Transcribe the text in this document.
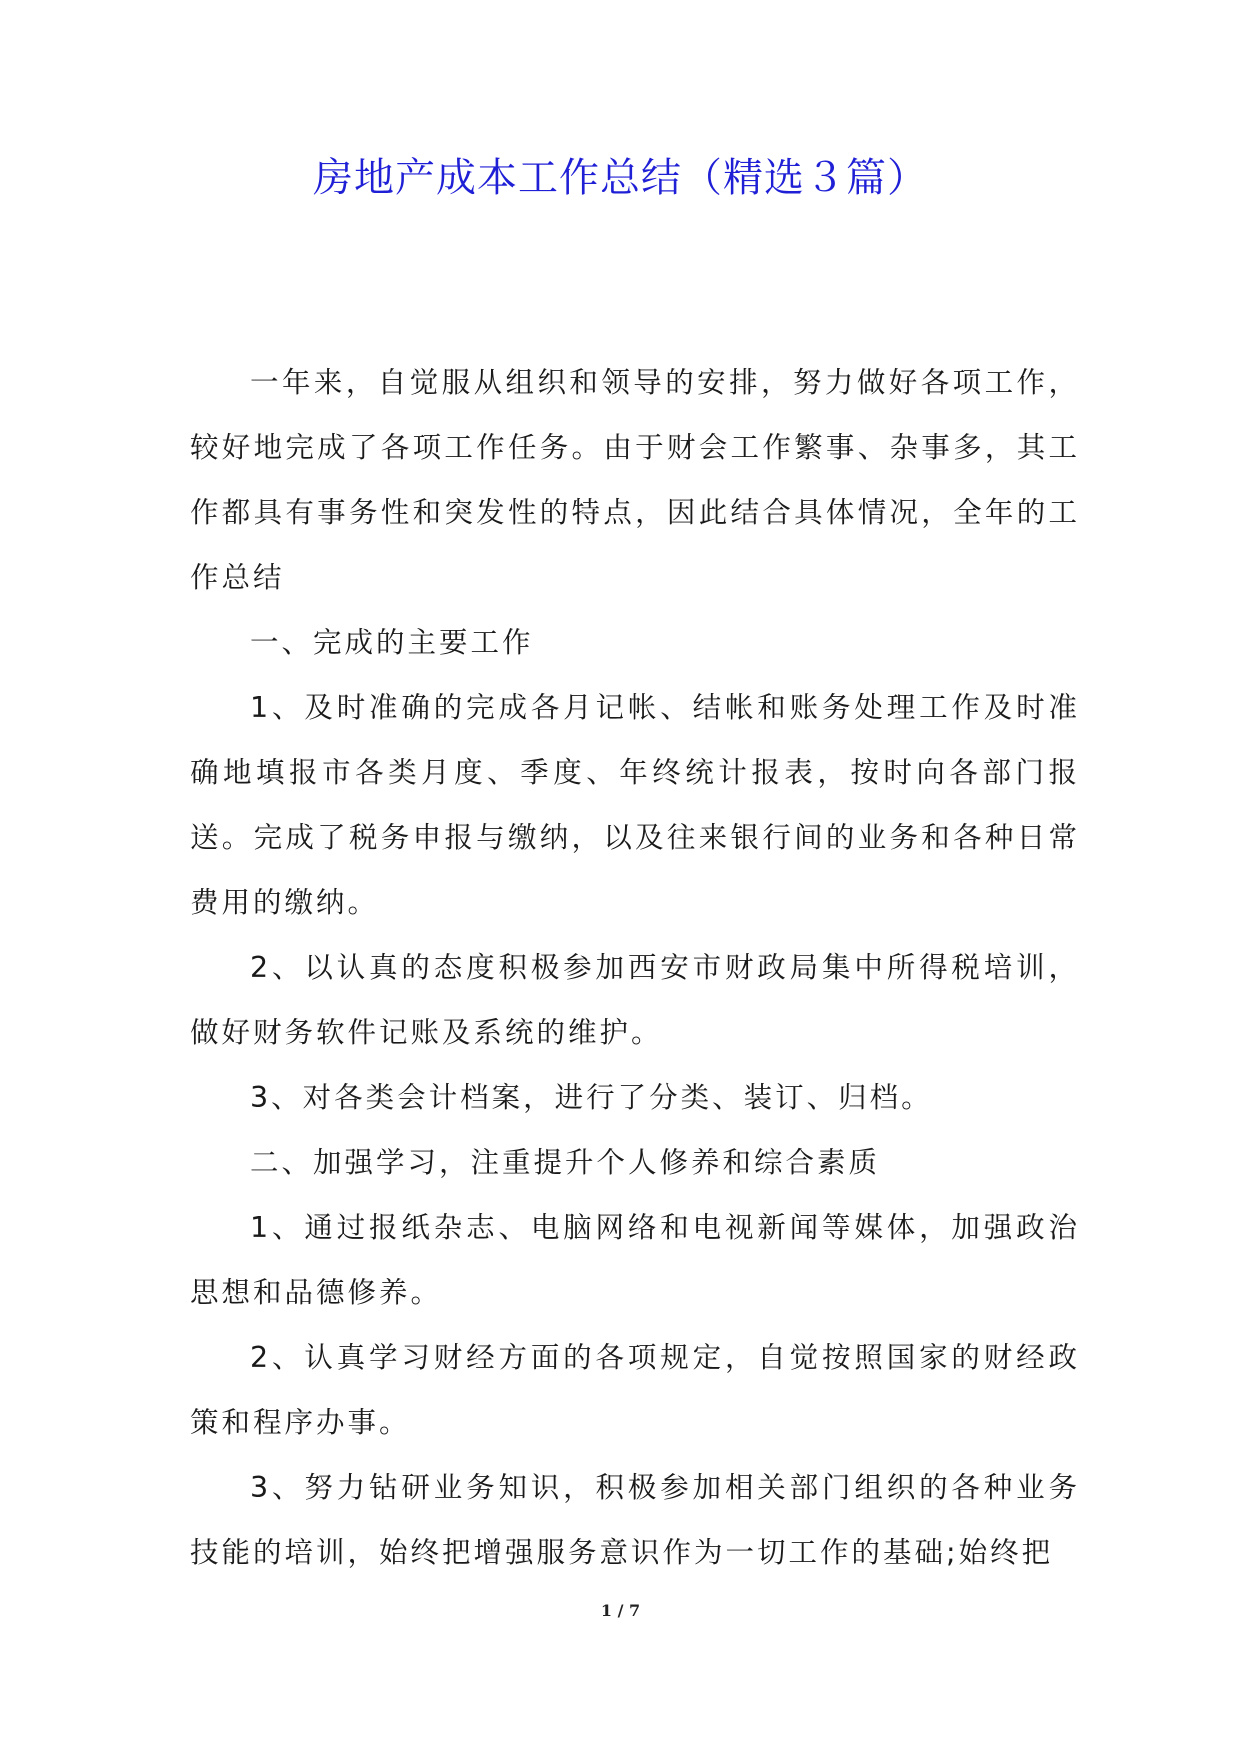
房地产成本工作总结（精选３篇）

一年来，自觉服从组织和领导的安排，努力做好各项工作，较好地完成了各项工作任务。由于财会工作繁事、杂事多，其工作都具有事务性和突发性的特点，因此结合具体情况，全年的工作总结

一、完成的主要工作

1、及时准确的完成各月记帐、结帐和账务处理工作及时准确地填报市各类月度、季度、年终统计报表，按时向各部门报送。完成了税务申报与缴纳，以及往来银行间的业务和各种日常费用的缴纳。

2、以认真的态度积极参加西安市财政局集中所得税培训，做好财务软件记账及系统的维护。

3、对各类会计档案，进行了分类、装订、归档。

二、加强学习，注重提升个人修养和综合素质

1、通过报纸杂志、电脑网络和电视新闻等媒体，加强政治思想和品德修养。

2、认真学习财经方面的各项规定，自觉按照国家的财经政策和程序办事。

3、努力钻研业务知识，积极参加相关部门组织的各种业务技能的培训，始终把增强服务意识作为一切工作的基础;始终把

1 / 7
